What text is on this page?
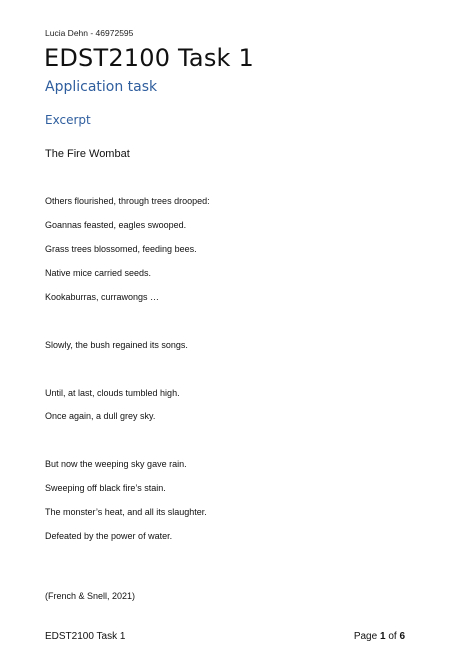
Lucia Dehn - 46972595
EDST2100 Task 1
Application task
Excerpt
The Fire Wombat
Others flourished, through trees drooped:
Goannas feasted, eagles swooped.
Grass trees blossomed, feeding bees.
Native mice carried seeds.
Kookaburras, currawongs …
Slowly, the bush regained its songs.
Until, at last, clouds tumbled high.
Once again, a dull grey sky.
But now the weeping sky gave rain.
Sweeping off black fire’s stain.
The monster’s heat, and all its slaughter.
Defeated by the power of water.
(French & Snell, 2021)
EDST2100 Task 1	Page 1 of 6
